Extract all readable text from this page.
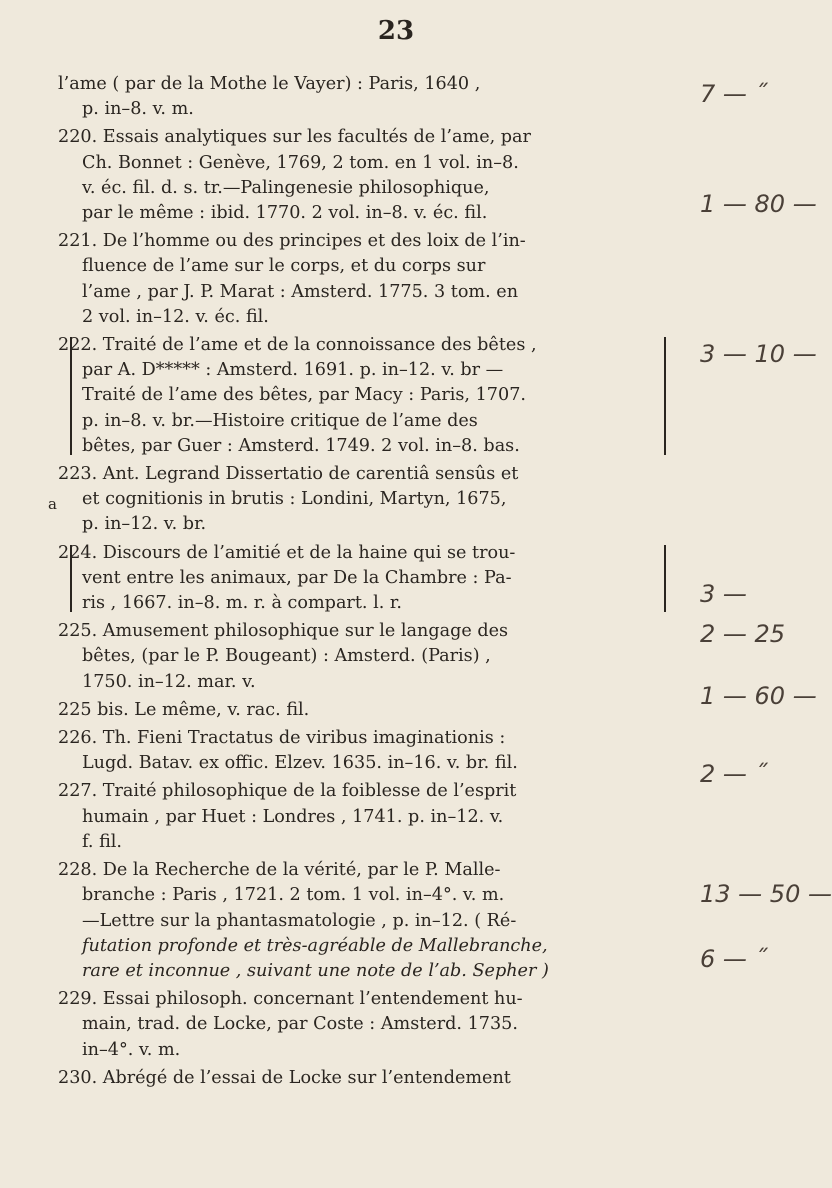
23
l’ame ( par de la Mothe le Vayer) : Paris, 1640 ,
p. in–8. v. m.
220. Essais analytiques sur les facultés de l’ame, par
Ch. Bonnet : Genève, 1769, 2 tom. en 1 vol. in–8.
v. éc. fil. d. s. tr.—Palingenesie philosophique,
par le même : ibid. 1770. 2 vol. in–8. v. éc. fil.
221. De l’homme ou des principes et des loix de l’in-
fluence de l’ame sur le corps, et du corps sur
l’ame , par J. P. Marat : Amsterd. 1775. 3 tom. en
2 vol. in–12. v. éc. fil.
222. Traité de l’ame et de la connoissance des bêtes ,
par A. D***** : Amsterd. 1691. p. in–12. v. br —
Traité de l’ame des bêtes, par Macy : Paris, 1707.
p. in–8. v. br.—Histoire critique de l’ame des
bêtes, par Guer : Amsterd. 1749. 2 vol. in–8. bas.
223. Ant. Legrand Dissertatio de carentiâ sensûs et
et cognitionis in brutis : Londini, Martyn, 1675,
p. in–12. v. br.
a
224. Discours de l’amitié et de la haine qui se trou-
vent entre les animaux, par De la Chambre : Pa-
ris , 1667. in–8. m. r. à compart. l. r.
225. Amusement philosophique sur le langage des
bêtes, (par le P. Bougeant) : Amsterd. (Paris) ,
1750. in–12. mar. v.
225 bis. Le même, v. rac. fil.
226. Th. Fieni Tractatus de viribus imaginationis :
Lugd. Batav. ex offic. Elzev. 1635. in–16. v. br. fil.
227. Traité philosophique de la foiblesse de l’esprit
humain , par Huet : Londres , 1741. p. in–12. v.
f. fil.
228. De la Recherche de la vérité, par le P. Malle-
branche : Paris , 1721. 2 tom. 1 vol. in–4°. v. m.
—Lettre sur la phantasmatologie , p. in–12. ( Ré-
futation profonde et très-agréable de Mallebranche,
rare et inconnue , suivant une note de l’ab. Sepher )
229. Essai philosoph. concernant l’entendement hu-
main, trad. de Locke, par Coste : Amsterd. 1735.
in–4°. v. m.
230. Abrégé de l’essai de Locke sur l’entendement
7 — ˝
1 — 80 —
3 — 10 —
3 —
2 — 25
1 — 60 —
2 — ˝
13 — 50 —
6 — ˝
